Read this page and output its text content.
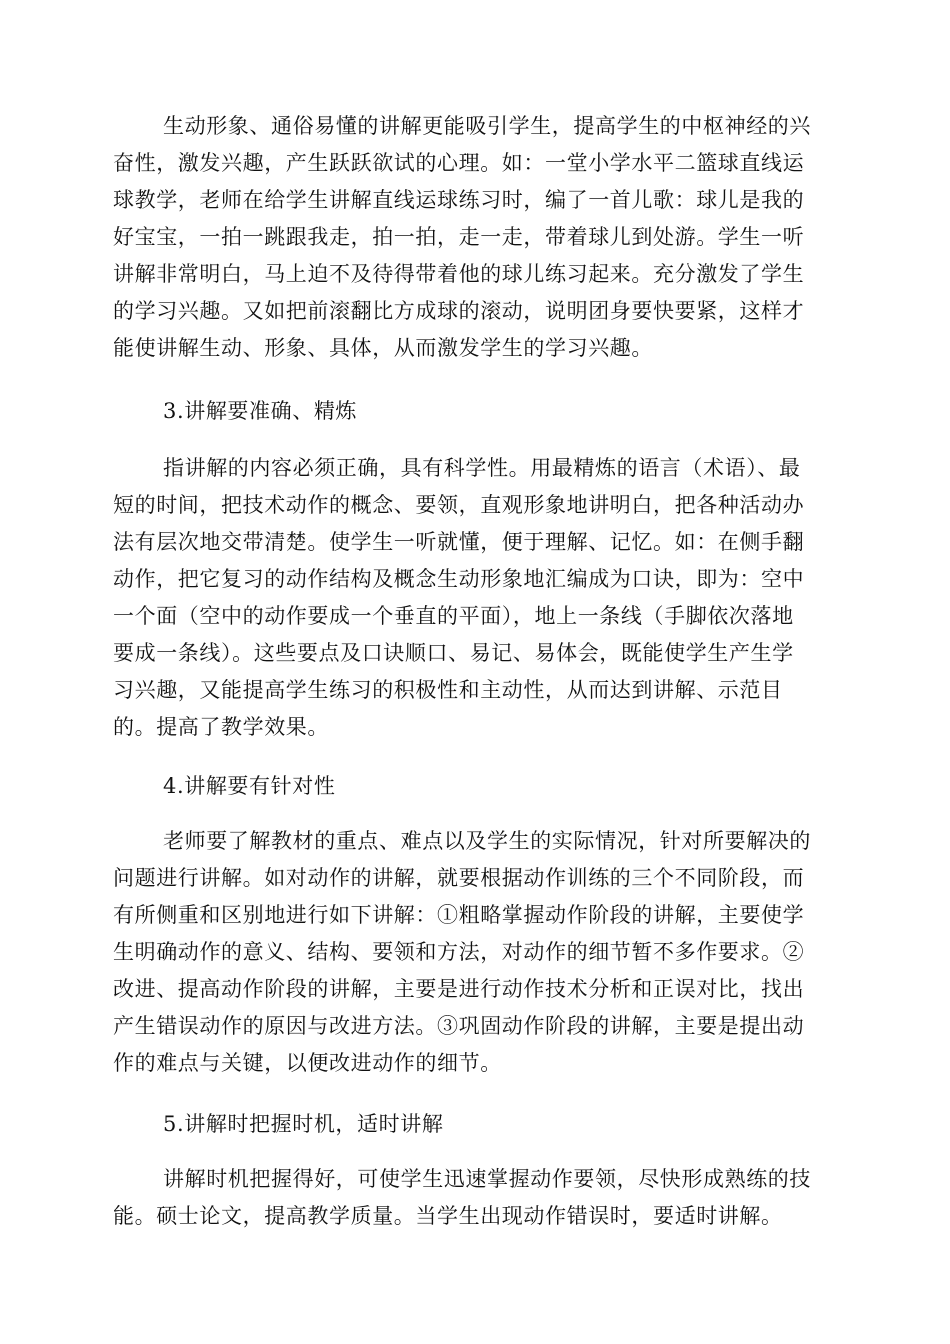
生动形象、通俗易懂的讲解更能吸引学生，提高学生的中枢神经的兴
奋性，激发兴趣，产生跃跃欲试的心理。如：一堂小学水平二篮球直线运
球教学，老师在给学生讲解直线运球练习时，编了一首儿歌：球儿是我的
好宝宝，一拍一跳跟我走，拍一拍，走一走，带着球儿到处游。学生一听
讲解非常明白，马上迫不及待得带着他的球儿练习起来。充分激发了学生
的学习兴趣。又如把前滚翻比方成球的滚动，说明团身要快要紧，这样才
能使讲解生动、形象、具体，从而激发学生的学习兴趣。
3.讲解要准确、精炼
指讲解的内容必须正确，具有科学性。用最精炼的语言（术语）、最
短的时间，把技术动作的概念、要领，直观形象地讲明白，把各种活动办
法有层次地交带清楚。使学生一听就懂，便于理解、记忆。如：在侧手翻
动作，把它复习的动作结构及概念生动形象地汇编成为口诀，即为：空中
一个面（空中的动作要成一个垂直的平面），地上一条线（手脚依次落地
要成一条线）。这些要点及口诀顺口、易记、易体会，既能使学生产生学
习兴趣，又能提高学生练习的积极性和主动性，从而达到讲解、示范目
的。提高了教学效果。
4.讲解要有针对性
老师要了解教材的重点、难点以及学生的实际情况，针对所要解决的
问题进行讲解。如对动作的讲解，就要根据动作训练的三个不同阶段，而
有所侧重和区别地进行如下讲解：①粗略掌握动作阶段的讲解，主要使学
生明确动作的意义、结构、要领和方法，对动作的细节暂不多作要求。②
改进、提高动作阶段的讲解，主要是进行动作技术分析和正误对比，找出
产生错误动作的原因与改进方法。③巩固动作阶段的讲解，主要是提出动
作的难点与关键，以便改进动作的细节。
5.讲解时把握时机，适时讲解
讲解时机把握得好，可使学生迅速掌握动作要领，尽快形成熟练的技
能。硕士论文，提高教学质量。当学生出现动作错误时，要适时讲解。
